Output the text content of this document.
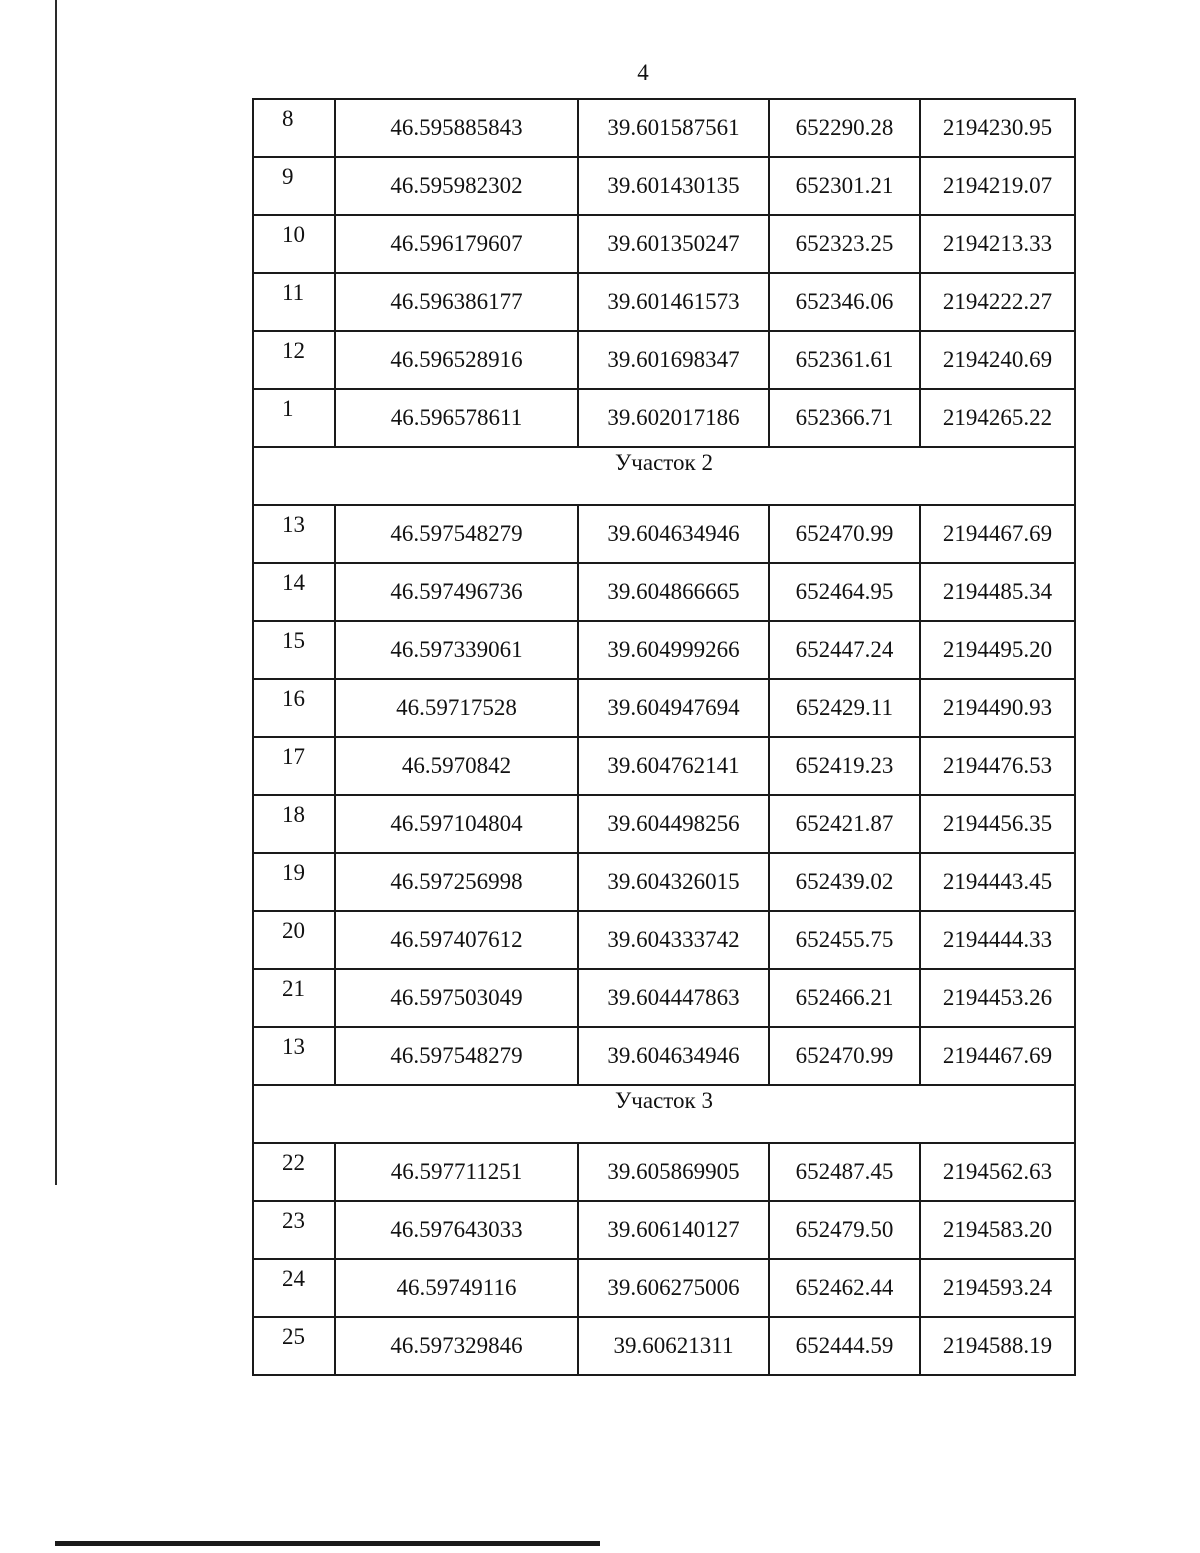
4
8	46.595885843	39.601587561	652290.28	2194230.95
9	46.595982302	39.601430135	652301.21	2194219.07
10	46.596179607	39.601350247	652323.25	2194213.33
11	46.596386177	39.601461573	652346.06	2194222.27
12	46.596528916	39.601698347	652361.61	2194240.69
1	46.596578611	39.602017186	652366.71	2194265.22
Участок 2				
13	46.597548279	39.604634946	652470.99	2194467.69
14	46.597496736	39.604866665	652464.95	2194485.34
15	46.597339061	39.604999266	652447.24	2194495.20
16	46.59717528	39.604947694	652429.11	2194490.93
17	46.5970842	39.604762141	652419.23	2194476.53
18	46.597104804	39.604498256	652421.87	2194456.35
19	46.597256998	39.604326015	652439.02	2194443.45
20	46.597407612	39.604333742	652455.75	2194444.33
21	46.597503049	39.604447863	652466.21	2194453.26
13	46.597548279	39.604634946	652470.99	2194467.69
Участок 3				
22	46.597711251	39.605869905	652487.45	2194562.63
23	46.597643033	39.606140127	652479.50	2194583.20
24	46.59749116	39.606275006	652462.44	2194593.24
25	46.597329846	39.60621311	652444.59	2194588.19
